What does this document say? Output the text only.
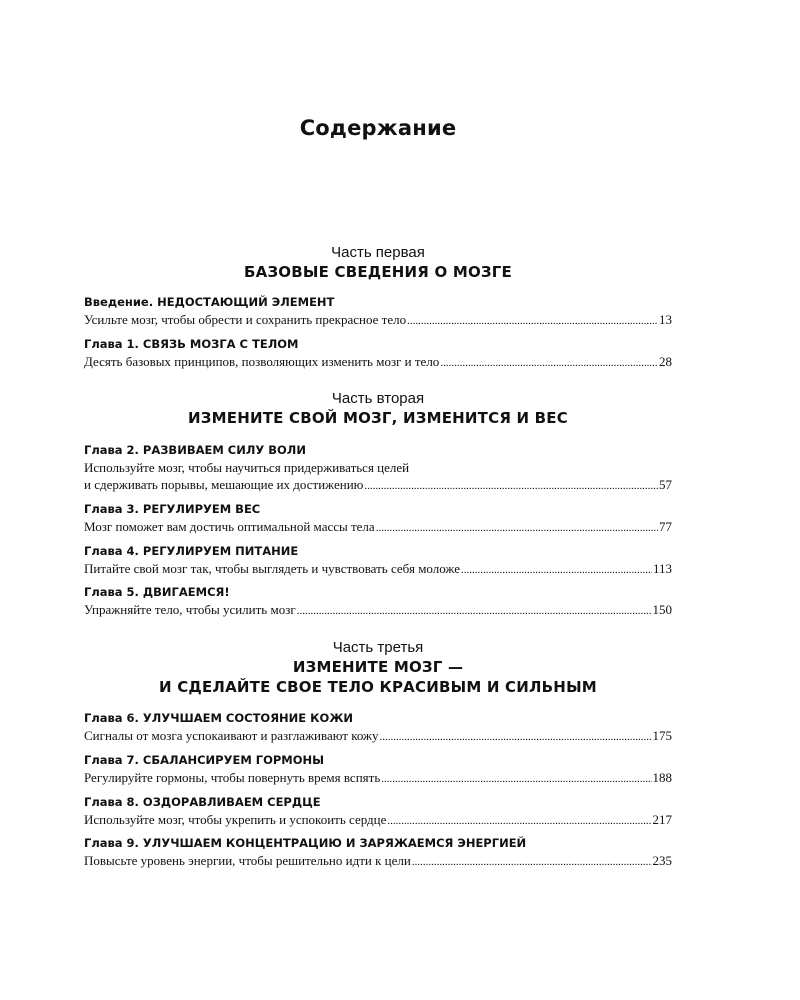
Содержание
Часть первая
БАЗОВЫЕ СВЕДЕНИЯ О МОЗГЕ
Введение. НЕДОСТАЮЩИЙ ЭЛЕМЕНТ
Усильте мозг, чтобы обрести и сохранить прекрасное тело .....	13
Глава 1. СВЯЗЬ МОЗГА С ТЕЛОМ
Десять базовых принципов, позволяющих изменить мозг и тело .....	28
Часть вторая
ИЗМЕНИТЕ СВОЙ МОЗГ, ИЗМЕНИТСЯ И ВЕС
Глава 2. РАЗВИВАЕМ СИЛУ ВОЛИ
Используйте мозг, чтобы научиться придерживаться целей
и сдерживать порывы, мешающие их достижению .....	57
Глава 3. РЕГУЛИРУЕМ ВЕС
Мозг поможет вам достичь оптимальной массы тела .....	77
Глава 4. РЕГУЛИРУЕМ ПИТАНИЕ
Питайте свой мозг так, чтобы выглядеть и чувствовать себя моложе .....	113
Глава 5. ДВИГАЕМСЯ!
Упражняйте тело, чтобы усилить мозг .....	150
Часть третья
ИЗМЕНИТЕ МОЗГ —
И СДЕЛАЙТЕ СВОЕ ТЕЛО КРАСИВЫМ И СИЛЬНЫМ
Глава 6. УЛУЧШАЕМ СОСТОЯНИЕ КОЖИ
Сигналы от мозга успокаивают и разглаживают кожу .....	175
Глава 7. СБАЛАНСИРУЕМ ГОРМОНЫ
Регулируйте гормоны, чтобы повернуть время вспять .....	188
Глава 8. ОЗДОРАВЛИВАЕМ СЕРДЦЕ
Используйте мозг, чтобы укрепить и успокоить сердце .....	217
Глава 9. УЛУЧШАЕМ КОНЦЕНТРАЦИЮ И ЗАРЯЖАЕМСЯ ЭНЕРГИЕЙ
Повысьте уровень энергии, чтобы решительно идти к цели .....	235
